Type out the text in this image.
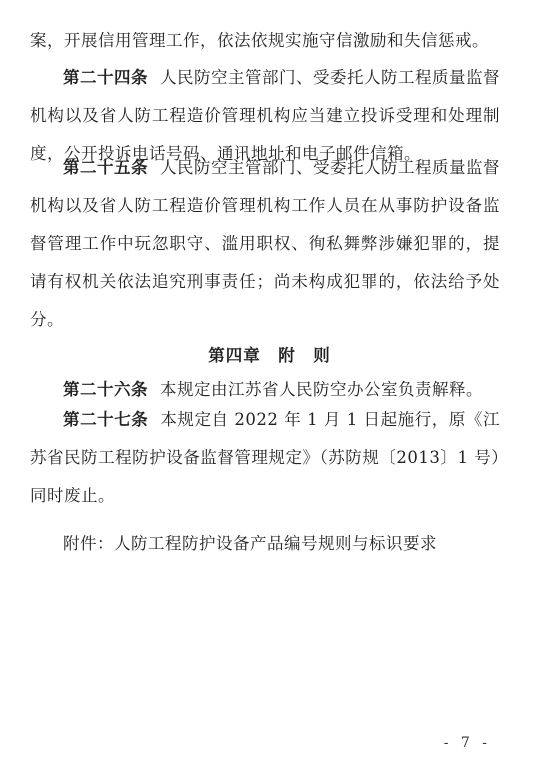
案，开展信用管理工作，依法依规实施守信激励和失信惩戒。

第二十四条 人民防空主管部门、受委托人防工程质量监督机构以及省人防工程造价管理机构应当建立投诉受理和处理制度，公开投诉电话号码、通讯地址和电子邮件信箱。

第二十五条 人民防空主管部门、受委托人防工程质量监督机构以及省人防工程造价管理机构工作人员在从事防护设备监督管理工作中玩忽职守、滥用职权、徇私舞弊涉嫌犯罪的，提请有权机关依法追究刑事责任；尚未构成犯罪的，依法给予处分。

第四章　附　则

第二十六条 本规定由江苏省人民防空办公室负责解释。

第二十七条 本规定自 2022 年 1 月 1 日起施行，原《江苏省民防工程防护设备监督管理规定》（苏防规〔2013〕1 号）同时废止。

附件：人防工程防护设备产品编号规则与标识要求

- 7 -
